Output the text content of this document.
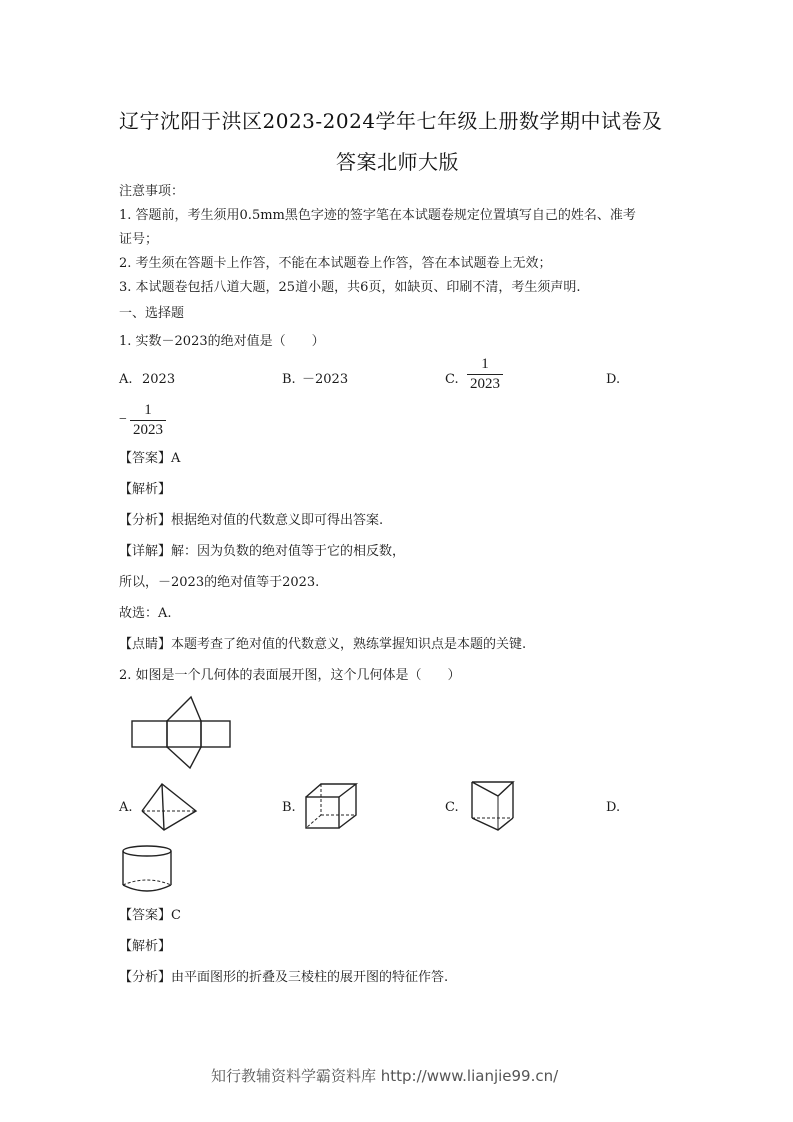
辽宁沈阳于洪区2023-2024学年七年级上册数学期中试卷及
答案北师大版
注意事项：
1. 答题前，考生须用0.5mm黑色字迹的签字笔在本试题卷规定位置填写自己的姓名、准考
证号；
2. 考生须在答题卡上作答，不能在本试题卷上作答，答在本试题卷上无效；
3. 本试题卷包括八道大题，25道小题，共6页，如缺页、印刷不清，考生须声明.
一、选择题
1. 实数－2023的绝对值是（　　）
A. 2023	B. －2023	C.
1
2023	D.
−
1
2023
【答案】A
【解析】
【分析】根据绝对值的代数意义即可得出答案.
【详解】解：因为负数的绝对值等于它的相反数，
所以，－2023的绝对值等于2023.
故选：A.
【点睛】本题考查了绝对值的代数意义，熟练掌握知识点是本题的关键.
2. 如图是一个几何体的表面展开图，这个几何体是（　　）
A.	B.	C.	D.
【答案】C
【解析】
【分析】由平面图形的折叠及三棱柱的展开图的特征作答.
知行教辅资料学霸资料库 http://www.lianjie99.cn/
